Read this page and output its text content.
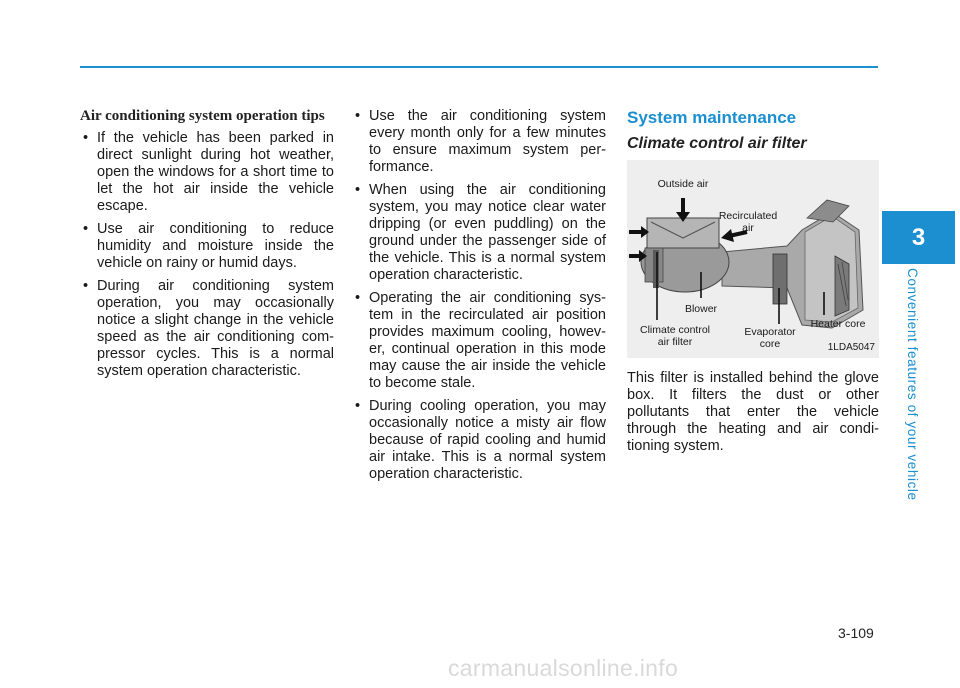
Air conditioning system operation tips
• If the vehicle has been parked in direct sunlight during hot weather, open the windows for a short time to let the hot air inside the vehicle escape.
• Use air conditioning to reduce humidity and moisture inside the vehicle on rainy or humid days.
• During air conditioning system operation, you may occasionally notice a slight change in the vehicle speed as the air conditioning com-pressor cycles. This is a normal system operation characteristic.
• Use the air conditioning system every month only for a few minutes to ensure maximum system per-formance.
• When using the air conditioning system, you may notice clear water dripping (or even puddling) on the ground under the passenger side of the vehicle. This is a normal system operation characteristic.
• Operating the air conditioning sys-tem in the recirculated air position provides maximum cooling, howev-er, continual operation in this mode may cause the air inside the vehicle to become stale.
• During cooling operation, you may occasionally notice a misty air flow because of rapid cooling and humid air intake. This is a normal system operation characteristic.
System maintenance
Climate control air filter
Outside air
Recirculated
air
Blower
Climate control
air filter
Evaporator
core
Heater core
1LDA5047
This filter is installed behind the glove box. It filters the dust or other pollutants that enter the vehicle through the heating and air condi-tioning system.
3
Convenient features of your vehicle
3-109
carmanualsonline.info
